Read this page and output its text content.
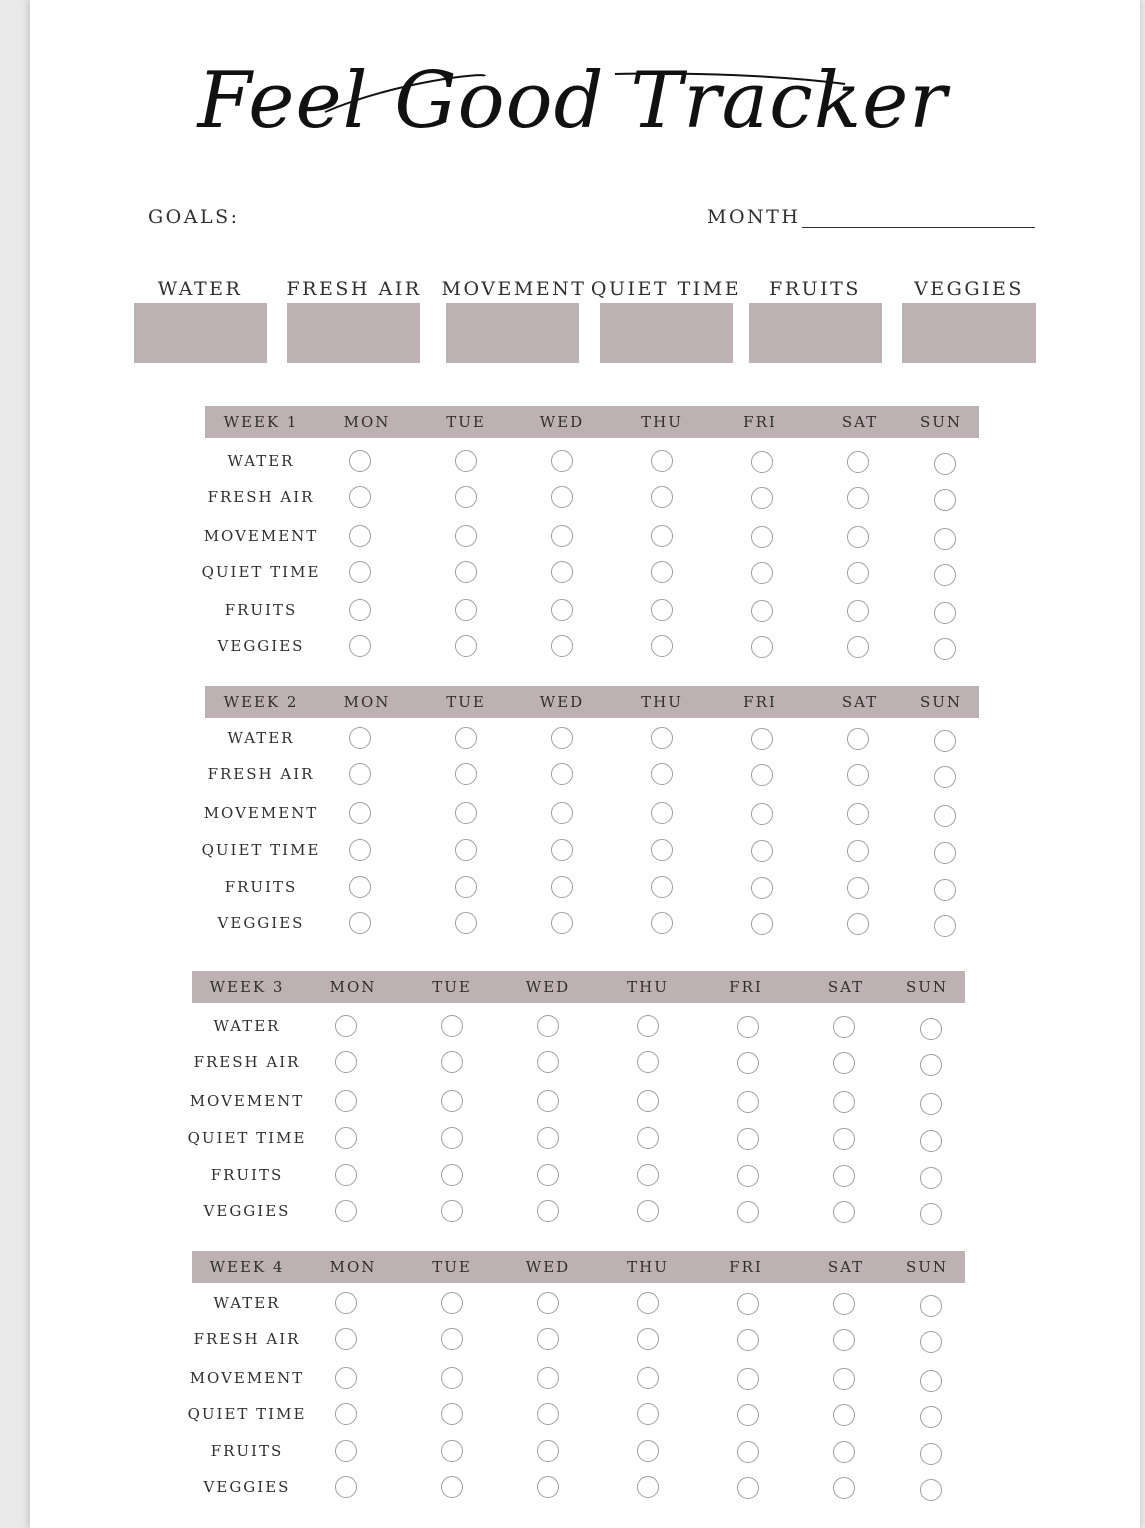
Feel Good Tracker
GOALS:	MONTH
WATER	FRESH AIR	MOVEMENT QUIET TIME	FRUITS	VEGGIES
WEEK 1	MON	TUE	WED	THU	FRI	SAT	SUN
WATER
FRESH AIR
MOVEMENT
QUIET TIME
FRUITS
VEGGIES
WEEK 2	MON	TUE	WED	THU	FRI	SAT	SUN
WATER
FRESH AIR
MOVEMENT
QUIET TIME
FRUITS
VEGGIES
WEEK 3	MON	TUE	WED	THU	FRI	SAT	SUN
WATER
FRESH AIR
MOVEMENT
QUIET TIME
FRUITS
VEGGIES
WEEK 4	MON	TUE	WED	THU	FRI	SAT	SUN
WATER
FRESH AIR
MOVEMENT
QUIET TIME
FRUITS
VEGGIES
